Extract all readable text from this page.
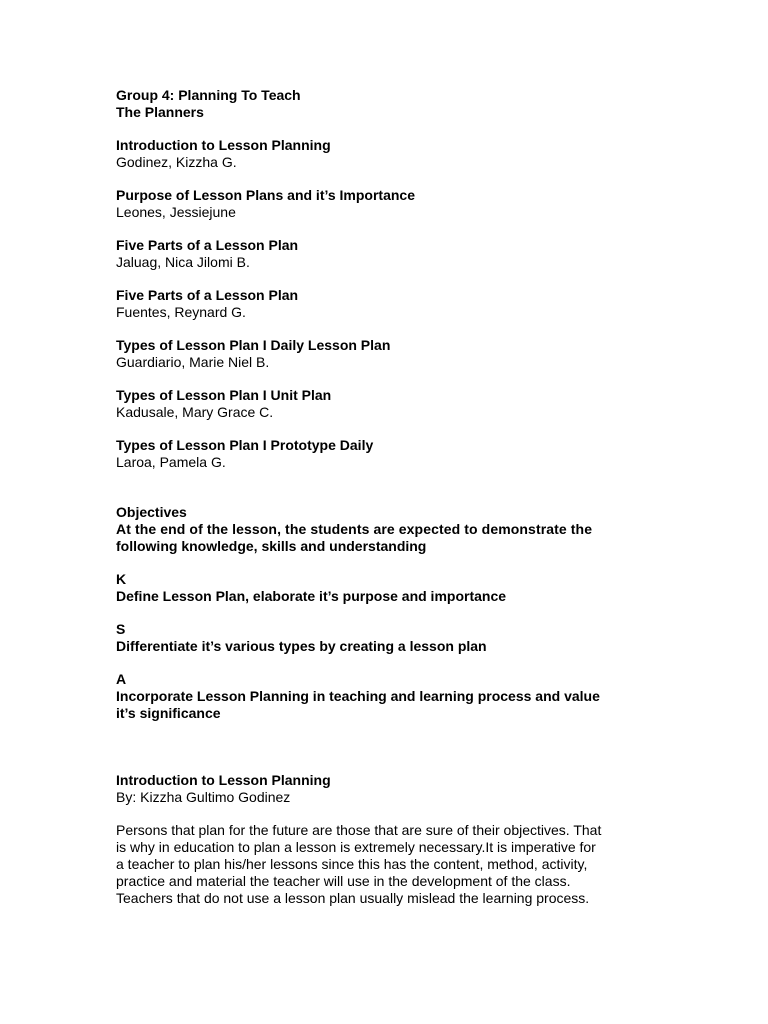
Group 4: Planning To Teach
The Planners
Introduction to Lesson Planning
Godinez, Kizzha G.
Purpose of Lesson Plans and it’s Importance
Leones, Jessiejune
Five Parts of a Lesson Plan
Jaluag, Nica Jilomi B.
Five Parts of a Lesson Plan
Fuentes, Reynard G.
Types of Lesson Plan I Daily Lesson Plan
Guardiario, Marie Niel B.
Types of Lesson Plan I Unit Plan
Kadusale, Mary Grace C.
Types of Lesson Plan I Prototype Daily
Laroa, Pamela G.
Objectives
At the end of the lesson, the students are expected to demonstrate the
following knowledge, skills and understanding
K
Define Lesson Plan, elaborate it’s purpose and importance
S
Differentiate it’s various types by creating a lesson plan
A
Incorporate Lesson Planning in teaching and learning process and value
it’s significance
Introduction to Lesson Planning
By: Kizzha Gultimo Godinez
Persons that plan for the future are those that are sure of their objectives. That
is why in education to plan a lesson is extremely necessary.It is imperative for
a teacher to plan his/her lessons since this has the content, method, activity,
practice and material the teacher will use in the development of the class.
Teachers that do not use a lesson plan usually mislead the learning process.
